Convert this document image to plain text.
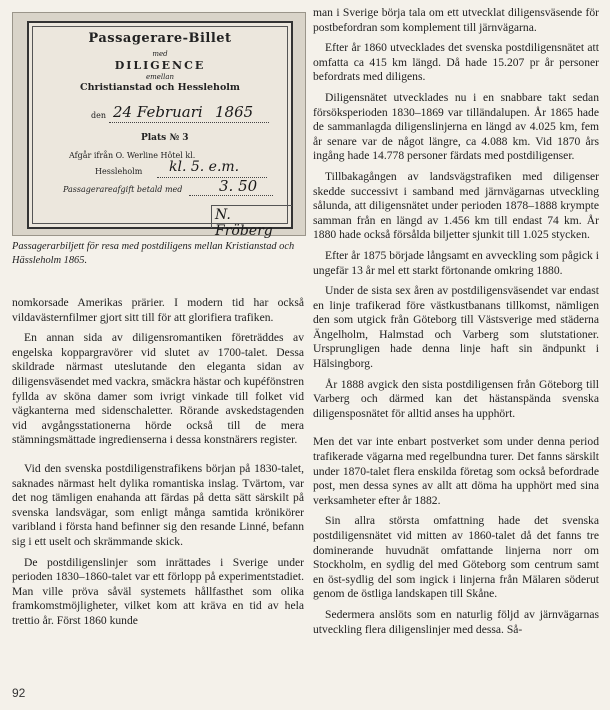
Passagerare-Billet
med
DILIGENCE
emellan
Christianstad och Hessleholm
den 24 Februari 1865
Plats № 3
Afgår ifrån O. Werline Hôtel kl.
Hessleholm kl. 5. e.m.
Passagerareafgift betald med 3. 50
N. Fröberg
Passagerarbiljett för resa med postdiligens mellan Kristianstad och Hässleholm 1865.

nomkorsade Amerikas prärier. I modern tid har också vildavästernfilmer gjort sitt till för att glorifiera trafiken.

En annan sida av diligensromantiken företräddes av engelska koppargravörer vid slutet av 1700-talet. Dessa skildrade närmast uteslutande den eleganta sidan av diligensväsendet med vackra, smäckra hästar och kupéfönstren fyllda av sköna damer som ivrigt vinkade till folket vid vägkanterna med sidenschaletter. Rörande avskedstagenden vid avgångsstationerna hörde också till de mera stämningsmättade ingredienserna i dessa konstnärers register.

Vid den svenska postdiligenstrafikens början på 1830-talet, saknades närmast helt dylika romantiska inslag. Tvärtom, var det nog tämligen enahanda att färdas på detta sätt särskilt på svenska landsvägar, som enligt många samtida krönikörer varibland i första hand befinner sig den resande Linné, befann sig i ett uselt och skrämmande skick.

De postdiligenslinjer som inrättades i Sverige under perioden 1830–1860-talet var ett förlopp på experimentstadiet. Man ville pröva såväl systemets hållfasthet som olika framkomstmöjligheter, vilket kom att kräva en tid av hela trettio år. Först 1860 kunde

man i Sverige börja tala om ett utvecklat diligensväsende för postbefordran som komplement till järnvägarna.

Efter år 1860 utvecklades det svenska postdiligensnätet att omfatta ca 415 km längd. Då hade 15.207 pr år personer befordrats med diligens.

Diligensnätet utvecklades nu i en snabbare takt sedan försöksperioden 1830–1869 var tilländalupen. År 1865 hade de sammanlagda diligenslinjerna en längd av 4.025 km, fem år senare var de något längre, ca 4.088 km. Vid 1870 års ingång hade 14.778 personer färdats med postdiligenser.

Tillbakagången av landsvägstrafiken med diligenser skedde successivt i samband med järnvägarnas utveckling sålunda, att diligensnätet under perioden 1878–1888 krympte samman från en längd av 1.456 km till endast 74 km. År 1880 hade också försålda biljetter sjunkit till 1.025 stycken.

Efter år 1875 började långsamt en avveckling som pågick i ungefär 13 år mel ett starkt förtonande omkring 1880.

Under de sista sex åren av postdiligensväsendet var endast en linje trafikerad före västkustbanans tillkomst, nämligen den som utgick från Göteborg till Västsverige med städerna Ängelholm, Halmstad och Varberg som slutstationer. Ursprungligen hade denna linje haft sin ändpunkt i Hälsingborg.

År 1888 avgick den sista postdiligensen från Göteborg till Varberg och därmed kan det hästanspända svenska diligensposnätet för alltid anses ha upphört.

Men det var inte enbart postverket som under denna period trafikerade vägarna med regelbundna turer. Det fanns särskilt under 1870-talet flera enskilda företag som också befordrade post, men dessa synes av allt att döma ha upphört med sina verksamheter efter år 1882.

Sin allra största omfattning hade det svenska postdiligensnätet vid mitten av 1860-talet då det fanns tre dominerande huvudnät omfattande linjerna norr om Stockholm, en sydlig del med Göteborg som centrum samt en öst-sydlig del som ingick i linjerna från Mälaren söderut genom de östliga landskapen till Skåne.

Sedermera anslöts som en naturlig följd av järnvägarnas utveckling flera diligenslinjer med dessa. Så-

92
